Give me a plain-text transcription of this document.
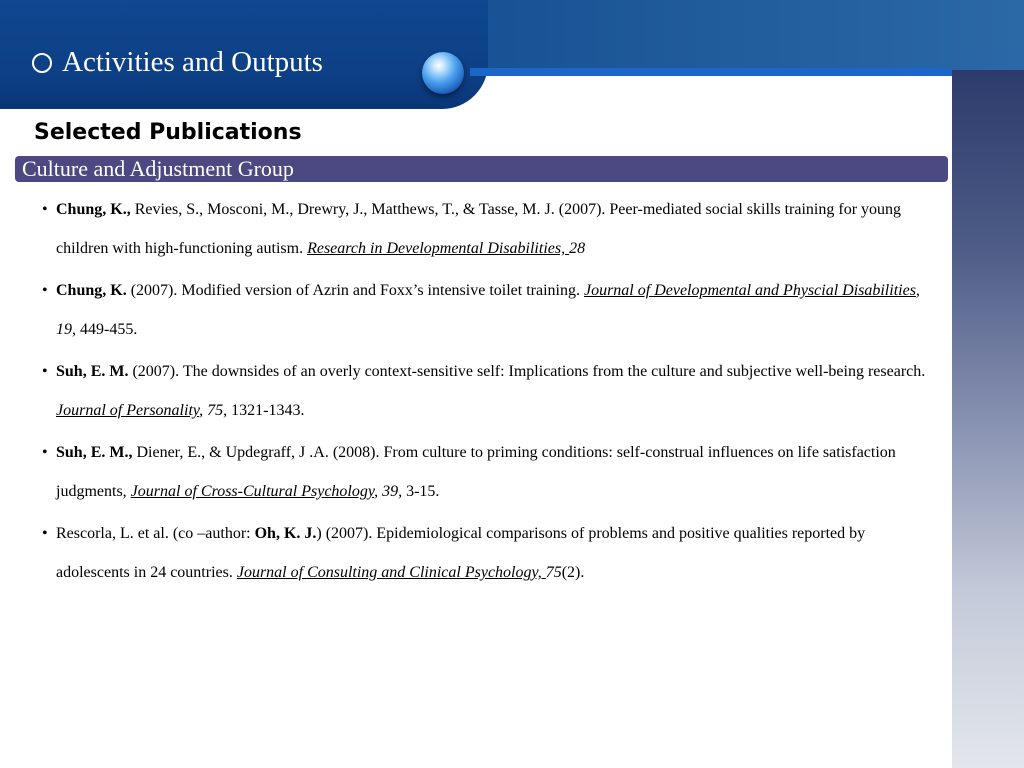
Activities and Outputs
Selected Publications
Culture and Adjustment Group
• Chung, K., Revies, S., Mosconi, M., Drewry, J., Matthews, T., & Tasse, M. J. (2007). Peer-mediated social skills training for young children with high-functioning autism. Research in Developmental Disabilities, 28
• Chung, K. (2007). Modified version of Azrin and Foxx’s intensive toilet training. Journal of Developmental and Physcial Disabilities, 19, 449-455.
• Suh, E. M. (2007). The downsides of an overly context-sensitive self: Implications from the culture and subjective well-being research. Journal of Personality, 75, 1321-1343.
• Suh, E. M., Diener, E., & Updegraff, J .A. (2008). From culture to priming conditions: self-construal influences on life satisfaction judgments, Journal of Cross-Cultural Psychology, 39, 3-15.
• Rescorla, L. et al. (co –author: Oh, K. J.) (2007). Epidemiological comparisons of problems and positive qualities reported by adolescents in 24 countries. Journal of Consulting and Clinical Psychology, 75(2).
